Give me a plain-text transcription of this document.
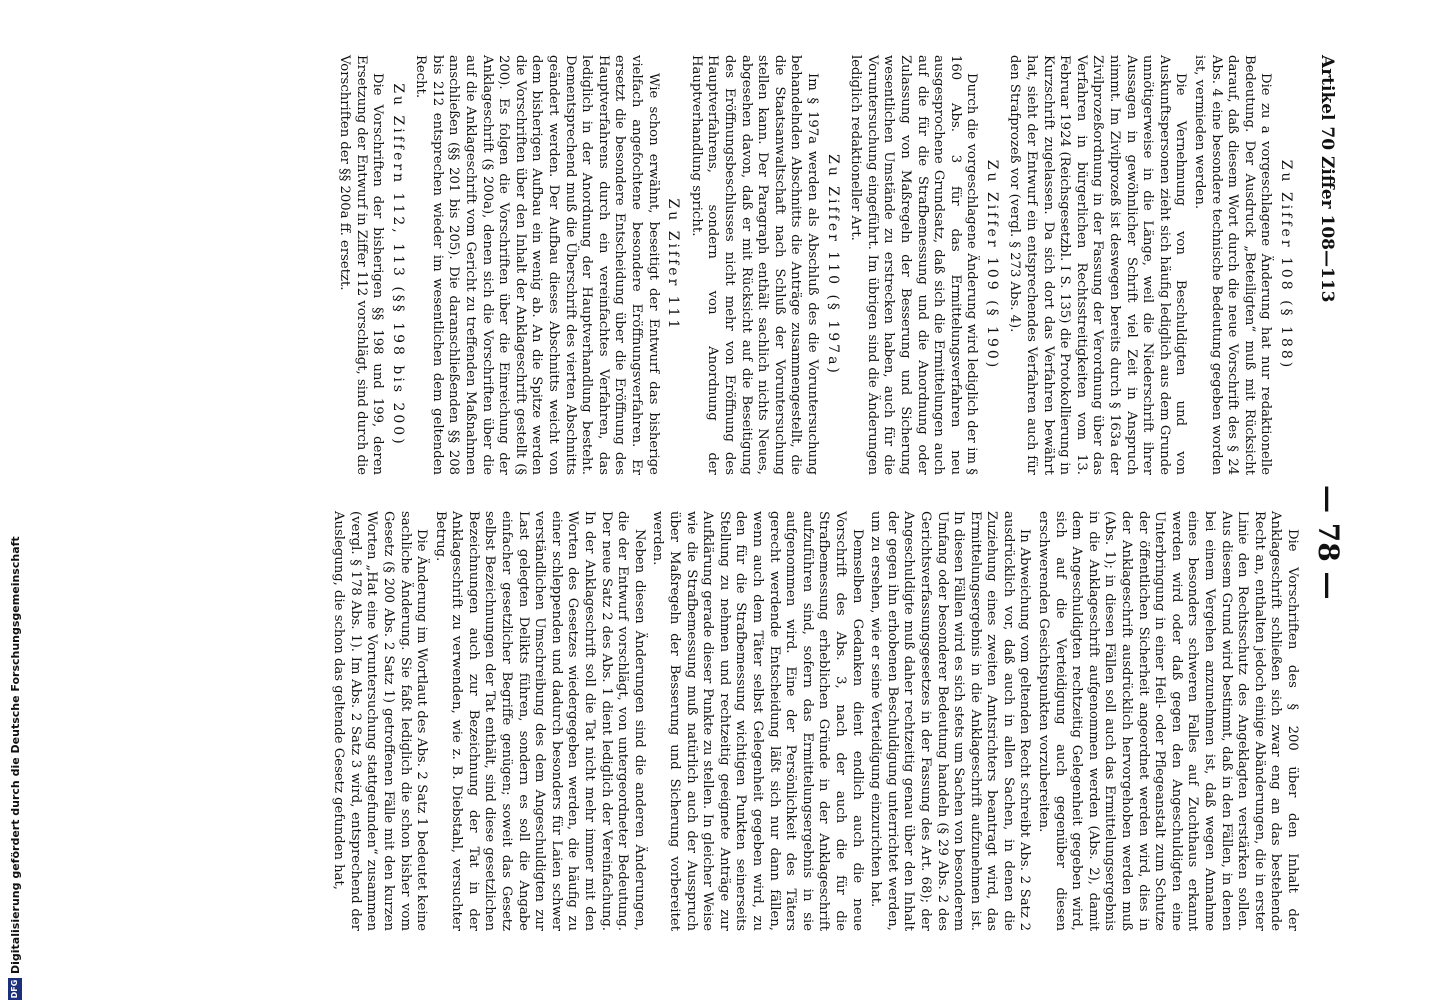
Artikel 70 Ziffer 108—113
— 78 —
Zu Ziffer 108 (§ 188)

Die zu a vorgeschlagene Änderung hat nur redaktionelle Bedeutung. Der Ausdruck „Beteiligten“ muß mit Rücksicht darauf, daß diesem Wort durch die neue Vorschrift des § 24 Abs. 4 eine besondere technische Bedeutung gegeben worden ist, vermieden werden.

Die Vernehmung von Beschuldigten und von Auskunftspersonen zieht sich häufig lediglich aus dem Grunde unnötigerweise in die Länge, weil die Niederschrift ihrer Aussagen in gewöhnlicher Schrift viel Zeit in Anspruch nimmt. Im Zivilprozeß ist deswegen bereits durch § 163a der Zivilprozeßordnung in der Fassung der Verordnung über das Verfahren in bürgerlichen Rechtsstreitigkeiten vom 13. Februar 1924 (Reichsgesetzbl. I S. 135) die Protokollierung in Kurzschrift zugelassen. Da sich dort das Verfahren bewährt hat, sieht der Entwurf ein entsprechendes Verfahren auch für den Strafprozeß vor (vergl. § 273 Abs. 4).

Zu Ziffer 109 (§ 190)

Durch die vorgeschlagene Änderung wird lediglich der im § 160 Abs. 3 für das Ermittelungsverfahren neu ausgesprochene Grundsatz, daß sich die Ermittelungen auch auf die für die Strafbemessung und die Anordnung oder Zulassung von Maßregeln der Besserung und Sicherung wesentlichen Umstände zu erstrecken haben, auch für die Voruntersuchung eingeführt. Im übrigen sind die Änderungen lediglich redaktioneller Art.

Zu Ziffer 110 (§ 197a)

Im § 197a werden als Abschluß des die Voruntersuchung behandelnden Abschnitts die Anträge zusammengestellt, die die Staatsanwaltschaft nach Schluß der Voruntersuchung stellen kann. Der Paragraph enthält sachlich nichts Neues, abgesehen davon, daß er mit Rücksicht auf die Beseitigung des Eröffnungsbeschlusses nicht mehr von Eröffnung des Hauptverfahrens, sondern von Anordnung der Hauptverhandlung spricht.

Zu Ziffer 111

Wie schon erwähnt, beseitigt der Entwurf das bisherige vielfach angefochtene besondere Eröffnungsverfahren. Er ersetzt die besondere Entscheidung über die Eröffnung des Hauptverfahrens durch ein vereinfachtes Verfahren, das lediglich in der Anordnung der Hauptverhandlung besteht. Dementsprechend muß die Überschrift des vierten Abschnitts geändert werden. Der Aufbau dieses Abschnitts weicht von dem bisherigen Aufbau ein wenig ab. An die Spitze werden die Vorschriften über den Inhalt der Anklageschrift gestellt (§ 200). Es folgen die Vorschriften über die Einreichung der Anklageschrift (§ 200a), denen sich die Vorschriften über die auf die Anklageschrift vom Gericht zu treffenden Maßnahmen anschließen (§§ 201 bis 205). Die daranschließenden §§ 208 bis 212 entsprechen wieder im wesentlichen dem geltenden Recht.

Zu Ziffern 112, 113 (§§ 198 bis 200)

Die Vorschriften der bisherigen §§ 198 und 199, deren Ersetzung der Entwurf in Ziffer 112 vorschlägt, sind durch die Vorschriften der §§ 200a ff. ersetzt.

Die Vorschriften des § 200 über den Inhalt der Anklageschrift schließen sich zwar eng an das bestehende Recht an, enthalten jedoch einige Abänderungen, die in erster Linie den Rechtsschutz des Angeklagten verstärken sollen. Aus diesem Grund wird bestimmt, daß in den Fällen, in denen bei einem Vergehen anzunehmen ist, daß wegen Annahme eines besonders schweren Falles auf Zuchthaus erkannt werden wird oder daß gegen den Angeschuldigten eine Unterbringung in einer Heil- oder Pflegeanstalt zum Schutze der öffentlichen Sicherheit angeordnet werden wird, dies in der Anklageschrift ausdrücklich hervorgehoben werden muß (Abs. 1); in diesen Fällen soll auch das Ermittelungsergebnis in die Anklageschrift aufgenommen werden (Abs. 2), damit dem Angeschuldigten rechtzeitig Gelegenheit gegeben wird, sich auf die Verteidigung auch gegenüber diesen erschwerenden Gesichtspunkten vorzubereiten.

In Abweichung vom geltenden Recht schreibt Abs. 2 Satz 2 ausdrücklich vor, daß auch in allen Sachen, in denen die Zuziehung eines zweiten Amtsrichters beantragt wird, das Ermittelungsergebnis in die Anklageschrift aufzunehmen ist. In diesen Fällen wird es sich stets um Sachen von besonderem Umfang oder besonderer Bedeutung handeln (§ 29 Abs. 2 des Gerichtsverfassungsgesetzes in der Fassung des Art. 68); der Angeschuldigte muß daher rechtzeitig genau über den Inhalt der gegen ihn erhobenen Beschuldigung unterrichtet werden, um zu ersehen, wie er seine Verteidigung einzurichten hat.

Demselben Gedanken dient endlich auch die neue Vorschrift des Abs. 3, nach der auch die für die Strafbemessung erheblichen Gründe in der Anklageschrift aufzuführen sind, sofern das Ermittelungsergebnis in sie aufgenommen wird. Eine der Persönlichkeit des Täters gerecht werdende Entscheidung läßt sich nur dann fällen, wenn auch dem Täter selbst Gelegenheit gegeben wird, zu den für die Strafbemessung wichtigen Punkten seinerseits Stellung zu nehmen und rechtzeitig geeignete Anträge zur Aufklärung gerade dieser Punkte zu stellen. In gleicher Weise wie die Strafbemessung muß natürlich auch der Ausspruch über Maßregeln der Besserung und Sicherung vorbereitet werden.

Neben diesen Änderungen sind die anderen Änderungen, die der Entwurf vorschlägt, von untergeordneter Bedeutung. Der neue Satz 2 des Abs. 1 dient lediglich der Vereinfachung. In der Anklageschrift soll die Tat nicht mehr immer mit den Worten des Gesetzes wiedergegeben werden, die häufig zu einer schleppenden und dadurch besonders für Laien schwer verständlichen Umschreibung des dem Angeschuldigten zur Last gelegten Delikts führen, sondern es soll die Angabe einfacher gesetzlicher Begriffe genügen; soweit das Gesetz selbst Bezeichnungen der Tat enthält, sind diese gesetzlichen Bezeichnungen auch zur Bezeichnung der Tat in der Anklageschrift zu verwenden, wie z. B. Diebstahl, versuchter Betrug.

Die Änderung im Wortlaut des Abs. 2 Satz 1 bedeutet keine sachliche Änderung. Sie faßt lediglich die schon bisher vom Gesetz (§ 200 Abs. 2 Satz 1) getroffenen Fälle mit den kurzen Worten „Hat eine Voruntersuchung stattgefunden“ zusammen (vergl. § 178 Abs. 1). Im Abs. 2 Satz 3 wird, entsprechend der Auslegung, die schon das geltende Gesetz gefunden hat,

DFG
Digitalisierung gefördert durch die Deutsche Forschungsgemeinschaft
